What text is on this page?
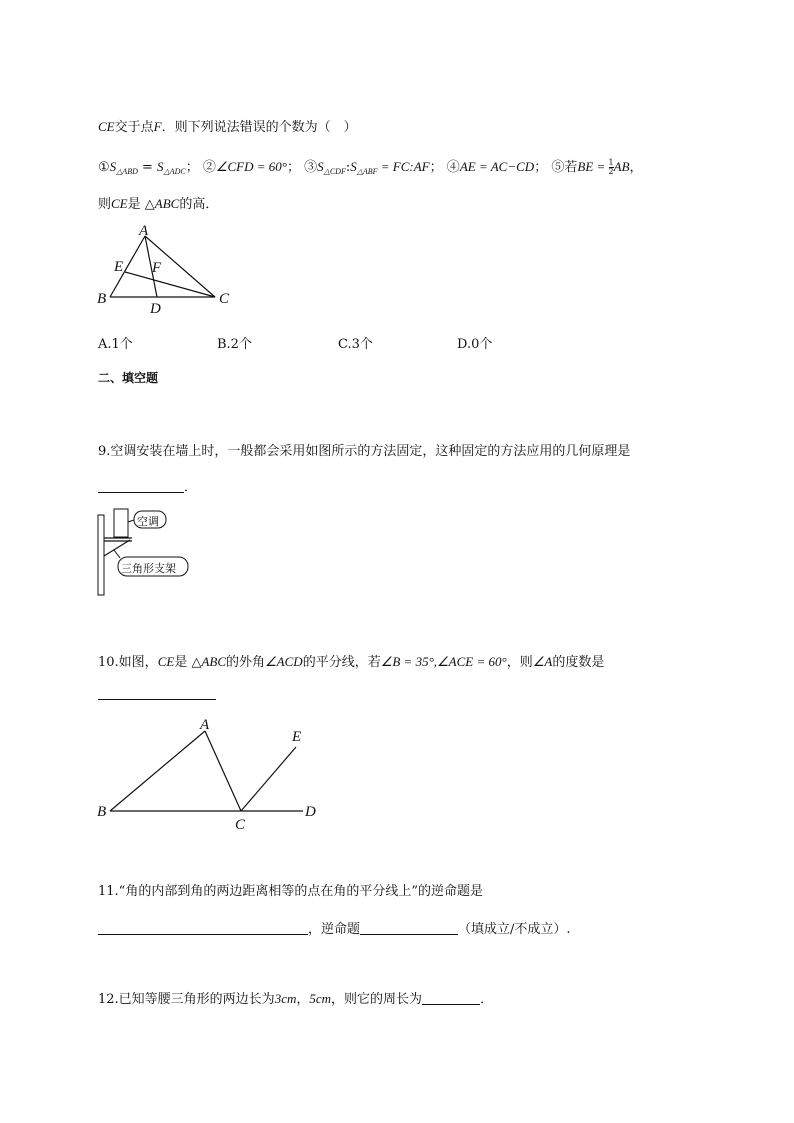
CE交于点F．则下列说法错误的个数为（　）
$①S_{\triangle ABD} = S_{\triangle ADC}$； ②∠CFD = 60°； $③S_{\triangle CDF}:S_{\triangle ABF}$ = FC:AF； ④AE = AC−CD； ⑤若BE = $\frac{1}{2}$ AB，
则CE是 △ABC的高．
A
E F
B
D
C
A.1个	B.2个	C.3个	D.0个
二、填空题
9.空调安装在墙上时，一般都会采用如图所示的方法固定，这种固定的方法应用的几何原理是
．
空调
三角形支架
10.如图，CE是 △ABC的外角∠ACD的平分线，若∠B = 35°,∠ACE = 60°，则∠A的度数是
A
E
B
C
D
11.“角的内部到角的两边距离相等的点在角的平分线上”的逆命题是
，逆命题	（填成立/不成立）.
12.已知等腰三角形的两边长为3cm，5cm，则它的周长为	．
